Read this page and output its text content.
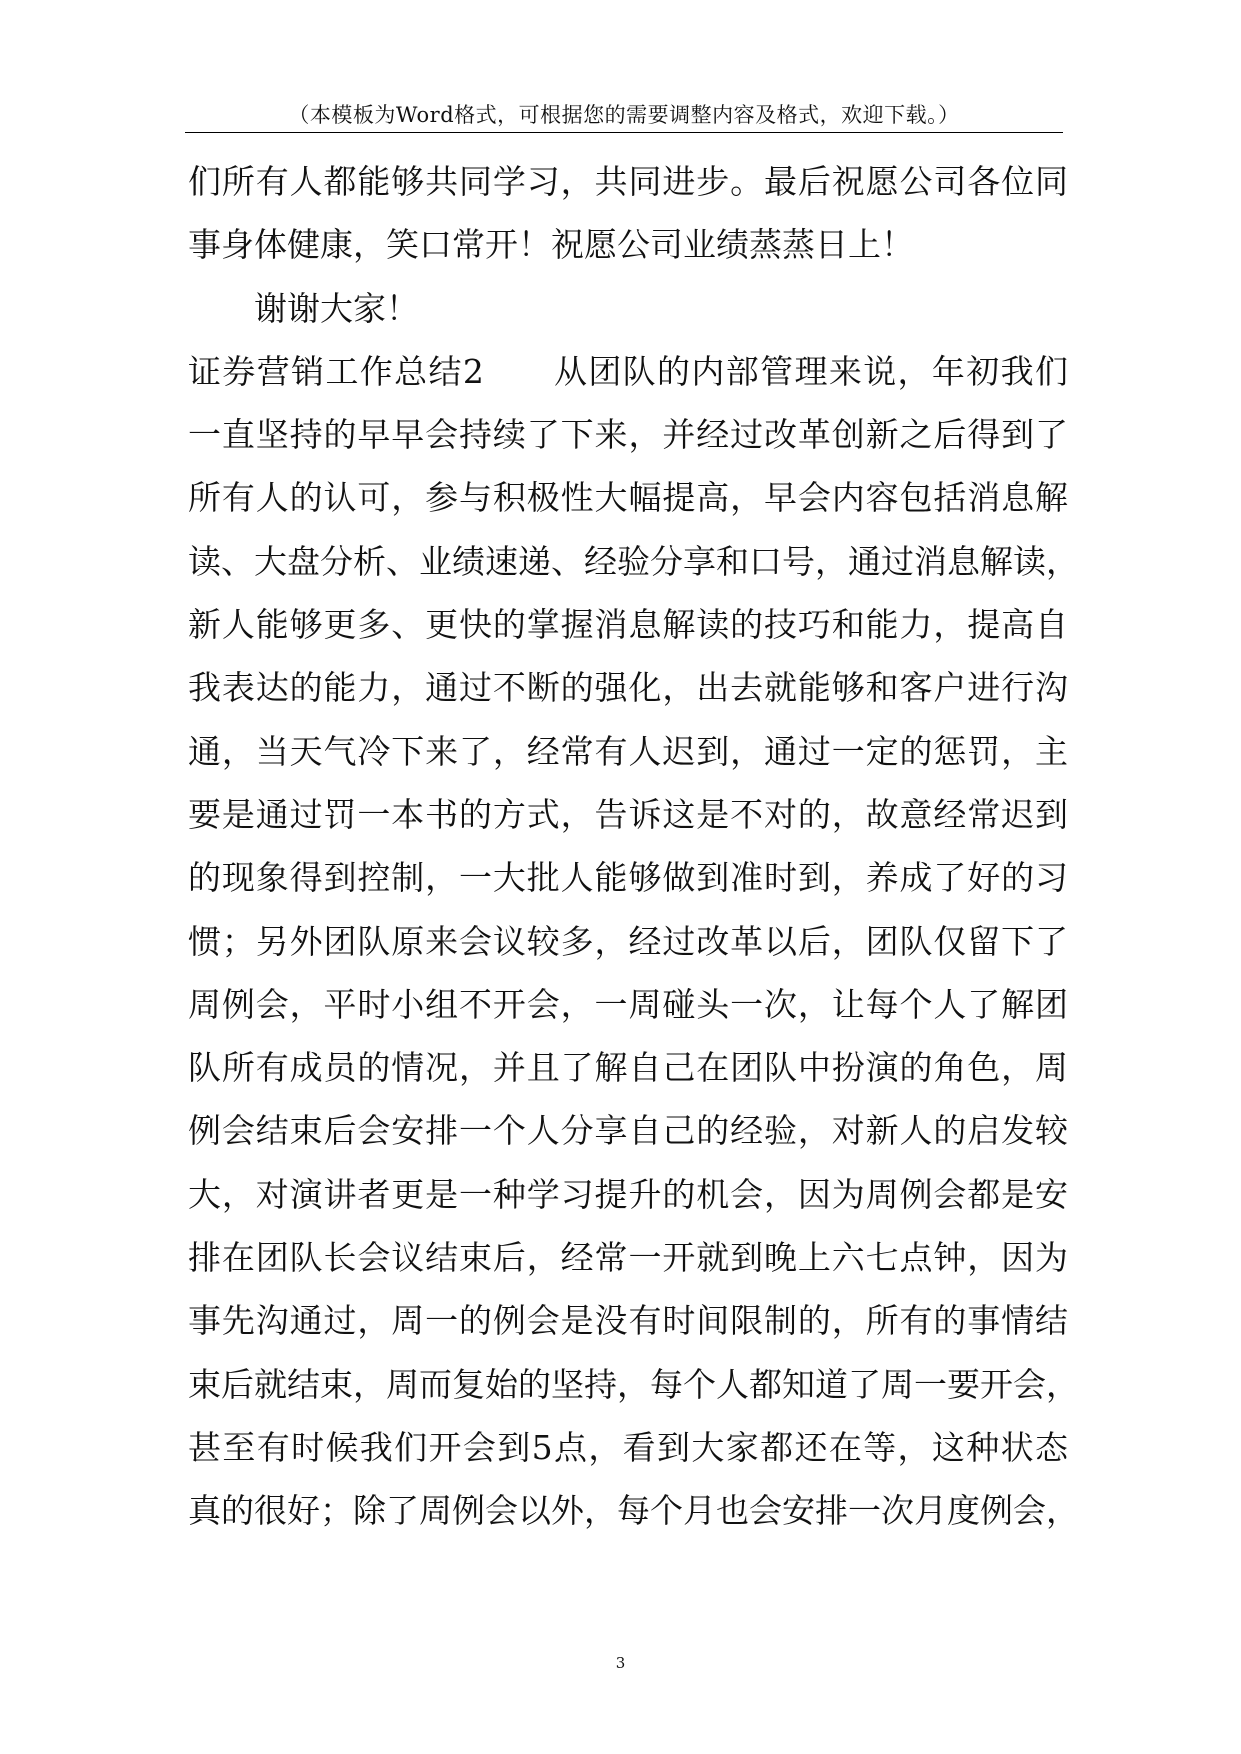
（本模板为Word格式，可根据您的需要调整内容及格式，欢迎下载。）
们所有人都能够共同学习，共同进步。最后祝愿公司各位同
事身体健康，笑口常开！祝愿公司业绩蒸蒸日上！
谢谢大家！
证券营销工作总结2　　从团队的内部管理来说，年初我们
一直坚持的早早会持续了下来，并经过改革创新之后得到了
所有人的认可，参与积极性大幅提高，早会内容包括消息解
读、大盘分析、业绩速递、经验分享和口号，通过消息解读，
新人能够更多、更快的掌握消息解读的技巧和能力，提高自
我表达的能力，通过不断的强化，出去就能够和客户进行沟
通，当天气冷下来了，经常有人迟到，通过一定的惩罚，主
要是通过罚一本书的方式，告诉这是不对的，故意经常迟到
的现象得到控制，一大批人能够做到准时到，养成了好的习
惯；另外团队原来会议较多，经过改革以后，团队仅留下了
周例会，平时小组不开会，一周碰头一次，让每个人了解团
队所有成员的情况，并且了解自己在团队中扮演的角色，周
例会结束后会安排一个人分享自己的经验，对新人的启发较
大，对演讲者更是一种学习提升的机会，因为周例会都是安
排在团队长会议结束后，经常一开就到晚上六七点钟，因为
事先沟通过，周一的例会是没有时间限制的，所有的事情结
束后就结束，周而复始的坚持，每个人都知道了周一要开会，
甚至有时候我们开会到5点，看到大家都还在等，这种状态
真的很好；除了周例会以外，每个月也会安排一次月度例会，
3
